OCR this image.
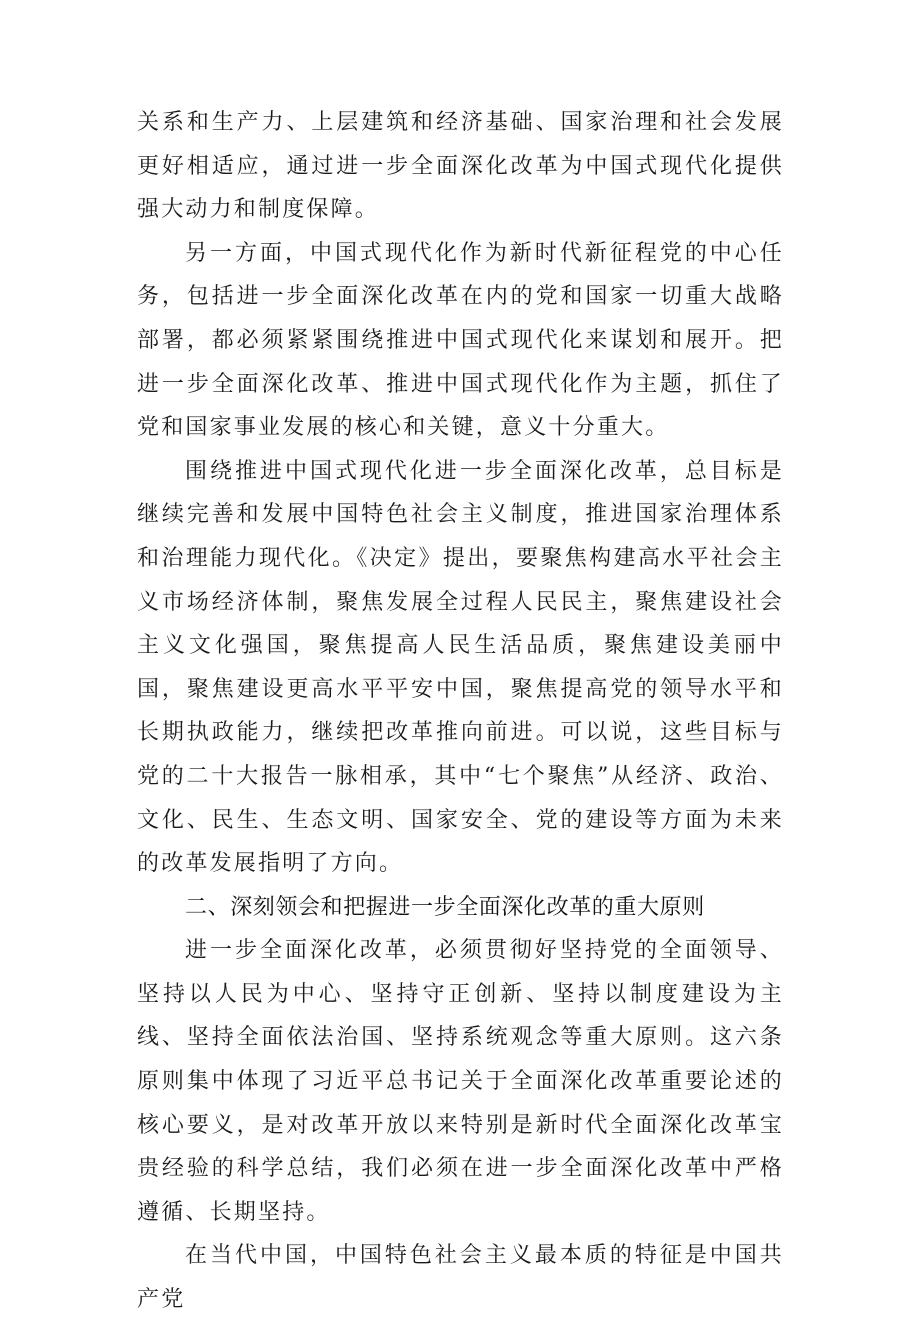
关系和生产力、上层建筑和经济基础、国家治理和社会发展更好相适应，通过进一步全面深化改革为中国式现代化提供强大动力和制度保障。

另一方面，中国式现代化作为新时代新征程党的中心任务，包括进一步全面深化改革在内的党和国家一切重大战略部署，都必须紧紧围绕推进中国式现代化来谋划和展开。把进一步全面深化改革、推进中国式现代化作为主题，抓住了党和国家事业发展的核心和关键，意义十分重大。

围绕推进中国式现代化进一步全面深化改革，总目标是继续完善和发展中国特色社会主义制度，推进国家治理体系和治理能力现代化。《决定》提出，要聚焦构建高水平社会主义市场经济体制，聚焦发展全过程人民民主，聚焦建设社会主义文化强国，聚焦提高人民生活品质，聚焦建设美丽中国，聚焦建设更高水平平安中国，聚焦提高党的领导水平和长期执政能力，继续把改革推向前进。可以说，这些目标与党的二十大报告一脉相承，其中“七个聚焦”从经济、政治、文化、民生、生态文明、国家安全、党的建设等方面为未来的改革发展指明了方向。

二、深刻领会和把握进一步全面深化改革的重大原则

进一步全面深化改革，必须贯彻好坚持党的全面领导、坚持以人民为中心、坚持守正创新、坚持以制度建设为主线、坚持全面依法治国、坚持系统观念等重大原则。这六条原则集中体现了习近平总书记关于全面深化改革重要论述的核心要义，是对改革开放以来特别是新时代全面深化改革宝贵经验的科学总结，我们必须在进一步全面深化改革中严格遵循、长期坚持。

在当代中国，中国特色社会主义最本质的特征是中国共产党
